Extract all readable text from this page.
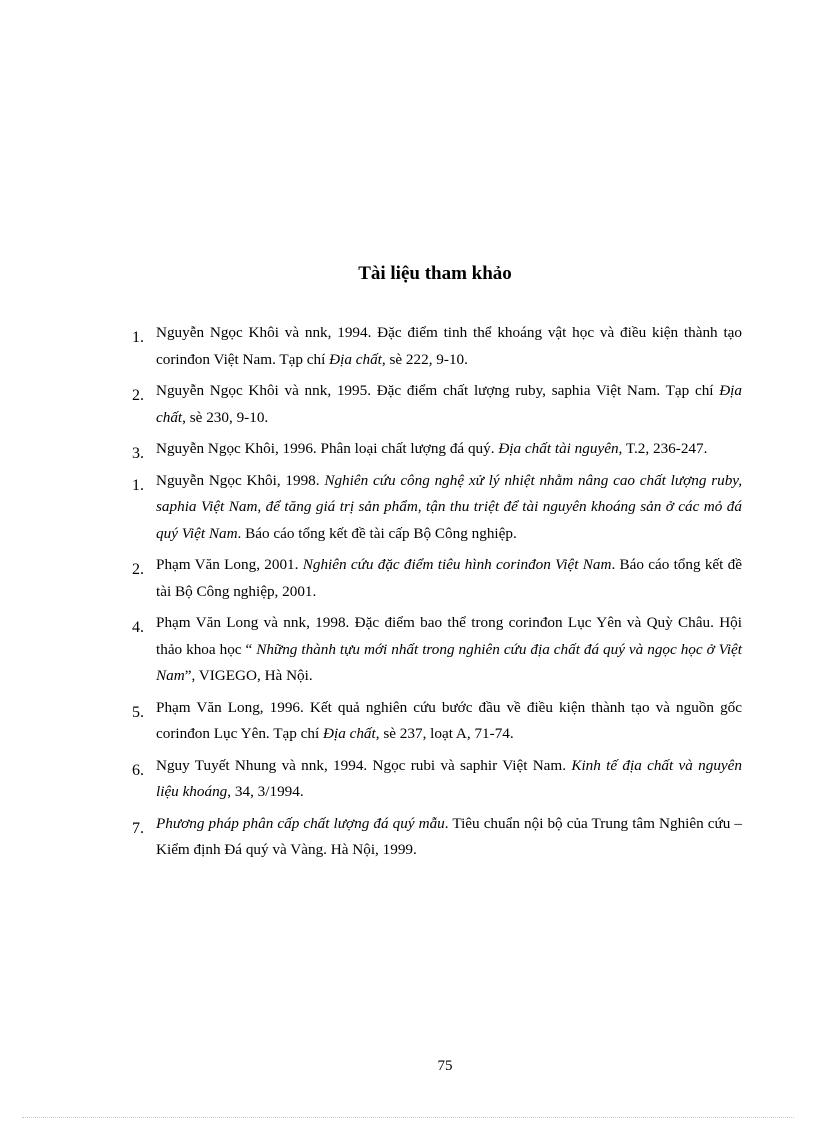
Tài liệu tham khảo
1. Nguyễn Ngọc Khôi và nnk, 1994. Đặc điểm tinh thể khoáng vật học và điều kiện thành tạo corinđon Việt Nam. Tạp chí Địa chất, sè 222, 9-10.
2. Nguyễn Ngọc Khôi và nnk, 1995. Đặc điểm chất lượng ruby, saphia Việt Nam. Tạp chí Địa chất, sè 230, 9-10.
3. Nguyễn Ngọc Khôi, 1996. Phân loại chất lượng đá quý. Địa chất tài nguyên, T.2, 236-247.
1. Nguyễn Ngọc Khôi, 1998. Nghiên cứu công nghệ xử lý nhiệt nhằm nâng cao chất lượng ruby, saphia Việt Nam, để tăng giá trị sản phẩm, tận thu triệt để tài nguyên khoáng sản ở các mỏ đá quý Việt Nam. Báo cáo tổng kết đề tài cấp Bộ Công nghiệp.
2. Phạm Văn Long, 2001. Nghiên cứu đặc điểm tiêu hình corinđon Việt Nam. Báo cáo tổng kết đề tài Bộ Công nghiệp, 2001.
4. Phạm Văn Long và nnk, 1998. Đặc điểm bao thể trong corinđon Lục Yên và Quỳ Châu. Hội thảo khoa học “ Những thành tựu mới nhất trong nghiên cứu địa chất đá quý và ngọc học ở Việt Nam”, VIGEGO, Hà Nội.
5. Phạm Văn Long, 1996. Kết quả nghiên cứu bước đầu về điều kiện thành tạo và nguồn gốc corinđon Lục Yên. Tạp chí Địa chất, sè 237, loạt A, 71-74.
6. Nguy Tuyết Nhung và nnk, 1994. Ngọc rubi và saphir Việt Nam. Kinh tế địa chất và nguyên liệu khoáng, 34, 3/1994.
7. Phương pháp phân cấp chất lượng đá quý mẫu. Tiêu chuẩn nội bộ của Trung tâm Nghiên cứu – Kiểm định Đá quý và Vàng. Hà Nội, 1999.
75
